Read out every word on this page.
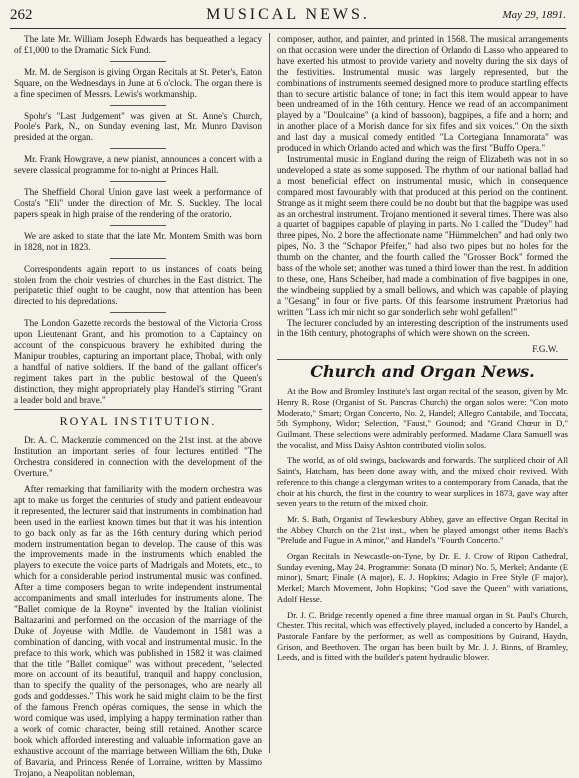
262	MUSICAL NEWS.	May 29, 1891.

The late Mr. William Joseph Edwards has bequeathed a legacy of £1,000 to the Dramatic Sick Fund.

Mr. M. de Sergison is giving Organ Recitals at St. Peter's, Eaton Square, on the Wednesdays in June at 6 o'clock. The organ there is a fine specimen of Messrs. Lewis's workmanship.

Spohr's "Last Judgement" was given at St. Anne's Church, Poole's Park, N., on Sunday evening last, Mr. Munro Davison presided at the organ.

Mr. Frank Howgrave, a new pianist, announces a concert with a severe classical programme for to-night at Princes Hall.

The Sheffield Choral Union gave last week a performance of Costa's "Eli" under the direction of Mr. S. Suckley. The local papers speak in high praise of the rendering of the oratorio.

We are asked to state that the late Mr. Montem Smith was born in 1828, not in 1823.

Correspondents again report to us instances of coats being stolen from the choir vestries of churches in the East district. The peripatetic thief ought to be caught, now that attention has been directed to his depredations.

The London Gazette records the bestowal of the Victoria Cross upon Lieutenant Grant, and his promotion to a Captaincy on account of the conspicuous bravery he exhibited during the Manipur troubles, capturing an important place, Thobal, with only a handful of native soldiers. If the band of the gallant officer's regiment takes part in the public bestowal of the Queen's distinction, they might appropriately play Handel's stirring "Grant a leader bold and brave."

ROYAL INSTITUTION.

Dr. A. C. Mackenzie commenced on the 21st inst. at the above Institution an important series of four lectures entitled "The Orchestra considered in connection with the development of the Overture."

After remarking that familiarity with the modern orchestra was apt to make us forget the centuries of study and patient endeavour it represented, the lecturer said that instruments in combination had been used in the earliest known times but that it was his intention to go back only as far as the 16th century during which period modern instrumentation began to develop. The cause of this was the improvements made in the instruments which enabled the players to execute the voice parts of Madrigals and Motets, etc., to which for a considerable period instrumental music was confined. After a time composers began to write independent instrumental accompaniments and small interludes for instruments alone. The "Ballet comique de la Royne" invented by the Italian violinist Baltazarini and performed on the occasion of the marriage of the Duke of Joyeuse with Mdlle. de Vaudemont in 1581 was a combination of dancing, with vocal and instrumental music. In the preface to this work, which was published in 1582 it was claimed that the title "Ballet comique" was without precedent, "selected more on account of its beautiful, tranquil and happy conclusion, than to specify the quality of the personages, who are nearly all gods and goddesses." This work he said might claim to be the first of the famous French opéras comiques, the sense in which the word comique was used, implying a happy termination rather than a work of comic character, being still retained. Another scarce book which afforded interesting and valuable information gave an exhaustive account of the marriage between William the 6th, Duke of Bavaria, and Princess Renée of Lorraine, written by Massimo Trojano, a Neapolitan nobleman,

composer, author, and painter, and printed in 1568. The musical arrangements on that occasion were under the direction of Orlando di Lasso who appeared to have exerted his utmost to provide variety and novelty during the six days of the festivities. Instrumental music was largely represented, but the combinations of instruments seemed designed more to produce startling effects than to secure artistic balance of tone; in fact this item would appear to have been undreamed of in the 16th century. Hence we read of an accompaniment played by a "Doulcaine" (a kind of bassoon), bagpipes, a fife and a horn; and in another place of a Morish dance for six fifes and six voices." On the sixth and last day a musical comedy entitled "La Cortegiana Innamorata" was produced in which Orlando acted and which was the first "Buffo Opera."

Instrumental music in England during the reign of Elizabeth was not in so undeveloped a state as some supposed. The rhythm of our national ballad had a most beneficial effect on instrumental music, which in consequence compared most favourably with that produced at this period on the continent. Strange as it might seem there could be no doubt but that the bagpipe was used as an orchestral instrument. Trojano mentioned it several times. There was also a quartet of bagpipes capable of playing in parts. No 1 called the "Dudey" had three pipes, No. 2 bore the affectionate name "Hümmelchen" and had only two pipes, No. 3 the "Schapor Pfeifer," had also two pipes but no holes for the thumb on the chanter, and the fourth called the "Grosser Bock" formed the bass of the whole set; another was tuned a third lower than the rest. In addition to these, one, Hans Scheiber, had made a combination of five bagpipes in one, the windbeing supplied by a small bellows, and which was capable of playing a "Gesang" in four or five parts. Of this fearsome instrument Prætorius had written "Lass ich mir nicht so gar sonderlich sehr wohl gefallen!"

The lecturer concluded by an interesting description of the instruments used in the 16th century, photographs of which were shown on the screen.

F.G.W.
Church and Organ News.

At the Bow and Bromley Institute's last organ recital of the season, given by Mr. Henry R. Rose (Organist of St. Pancras Church) the organ solos were: "Con moto Moderato," Smart; Organ Concerto, No. 2, Handel; Allegro Cantabile, and Toccata, 5th Symphony, Widor; Selection, "Faust," Gounod; and "Grand Chœur in D," Guilmant. These selections were admirably performed. Madame Clara Samuell was the vocalist, and Miss Daisy Ashton contributed violin solos.

The world, as of old swings, backwards and forwards. The surpliced choir of All Saint's, Hatcham, has been done away with, and the mixed choir revived. With reference to this change a clergyman writes to a contemporary from Canada, that the choir at his church, the first in the country to wear surplices in 1873, gave way after seven years to the return of the mixed choir.

Mr. S. Bath, Organist of Tewkesbury Abbey, gave an effective Organ Recital in the Abbey Church on the 21st inst., when he played amongst other items Bach's "Prelude and Fugue in A minor," and Handel's "Fourth Concerto."

Organ Recitals in Newcastle-on-Tyne, by Dr. E. J. Crow of Ripon Cathedral, Sunday evening, May 24. Programme: Sonata (D minor) No. 5, Merkel; Andante (E minor), Smart; Finale (A major), E. J. Hopkins; Adagio in Free Style (F major), Merkel; March Movement, John Hopkins; "God save the Queen" with variations, Adolf Hesse.

Dr. J. C. Bridge recently opened a fine three manual organ in St. Paul's Church, Chester. This recital, which was effectively played, included a concerto by Handel, a Pastorale Fanfare by the performer, as well as compositions by Guirand, Haydn, Grison, and Beethoven. The organ has been built by Mr. J. J. Binns, of Bramley, Leeds, and is fitted with the builder's patent hydraulic blower.
